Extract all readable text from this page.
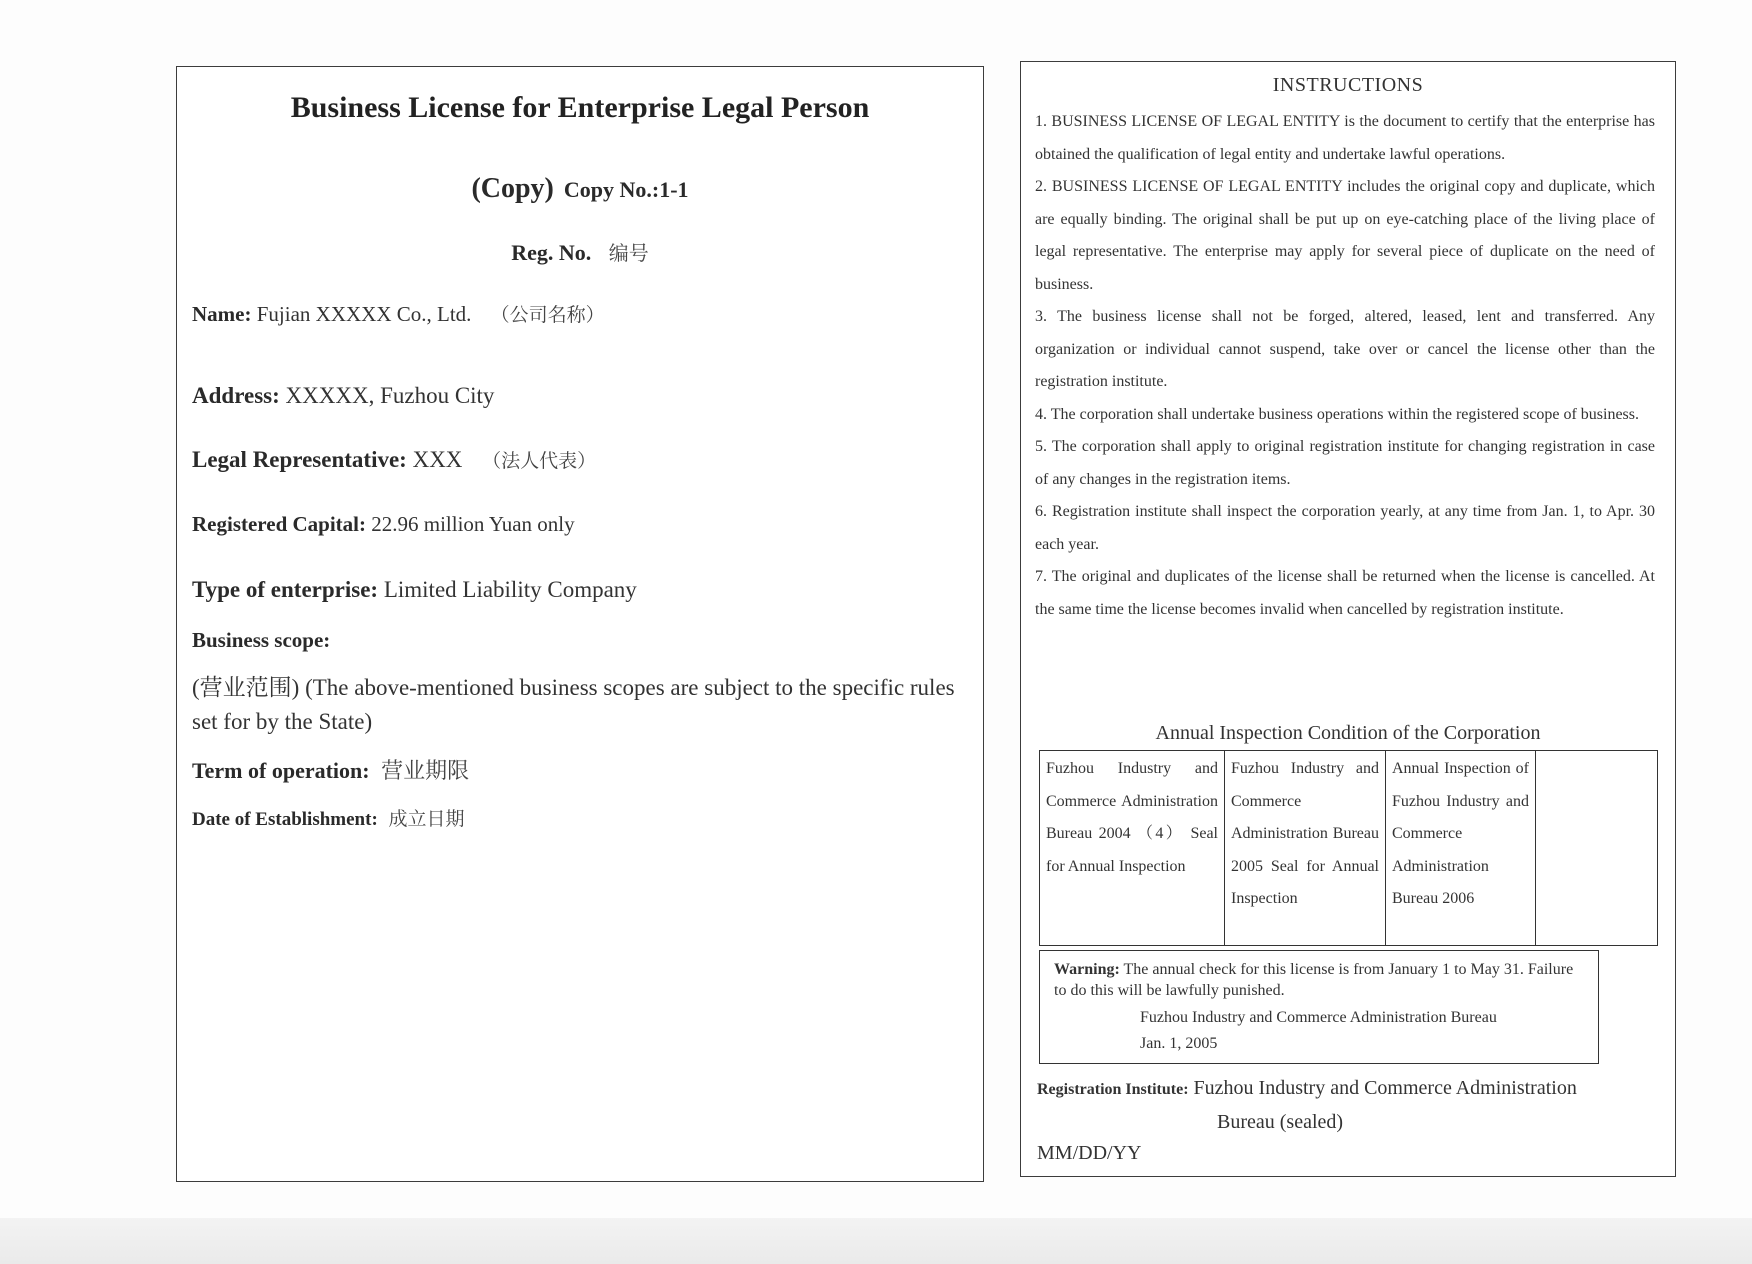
Business License for Enterprise Legal Person
(Copy) Copy No.:1-1
Reg. No. 编号
Name: Fujian XXXXX Co., Ltd. （公司名称）
Address: XXXXX, Fuzhou City
Legal Representative: XXX （法人代表）
Registered Capital: 22.96 million Yuan only
Type of enterprise: Limited Liability Company
Business scope:
(营业范围) (The above-mentioned business scopes are subject to the specific rules set for by the State)
Term of operation: 营业期限
Date of Establishment: 成立日期
INSTRUCTIONS

1. BUSINESS LICENSE OF LEGAL ENTITY is the document to certify that the enterprise has obtained the qualification of legal entity and undertake lawful operations.

2. BUSINESS LICENSE OF LEGAL ENTITY includes the original copy and duplicate, which are equally binding. The original shall be put up on eye-catching place of the living place of legal representative. The enterprise may apply for several piece of duplicate on the need of business.

3. The business license shall not be forged, altered, leased, lent and transferred. Any organization or individual cannot suspend, take over or cancel the license other than the registration institute.

4. The corporation shall undertake business operations within the registered scope of business.

5. The corporation shall apply to original registration institute for changing registration in case of any changes in the registration items.

6. Registration institute shall inspect the corporation yearly, at any time from Jan. 1, to Apr. 30 each year.

7. The original and duplicates of the license shall be returned when the license is cancelled. At the same time the license becomes invalid when cancelled by registration institute.

Annual Inspection Condition of the Corporation
Fuzhou Industry and Commerce Administration Bureau 2004 （4） Seal for Annual Inspection	Fuzhou Industry and Commerce Administration Bureau 2005 Seal for Annual Inspection	Annual Inspection of Fuzhou Industry and Commerce Administration Bureau 2006	
Warning: The annual check for this license is from January 1 to May 31. Failure to do this will be lawfully punished.
Fuzhou Industry and Commerce Administration Bureau
Jan. 1, 2005
Registration Institute: Fuzhou Industry and Commerce Administration
Bureau (sealed)
MM/DD/YY
